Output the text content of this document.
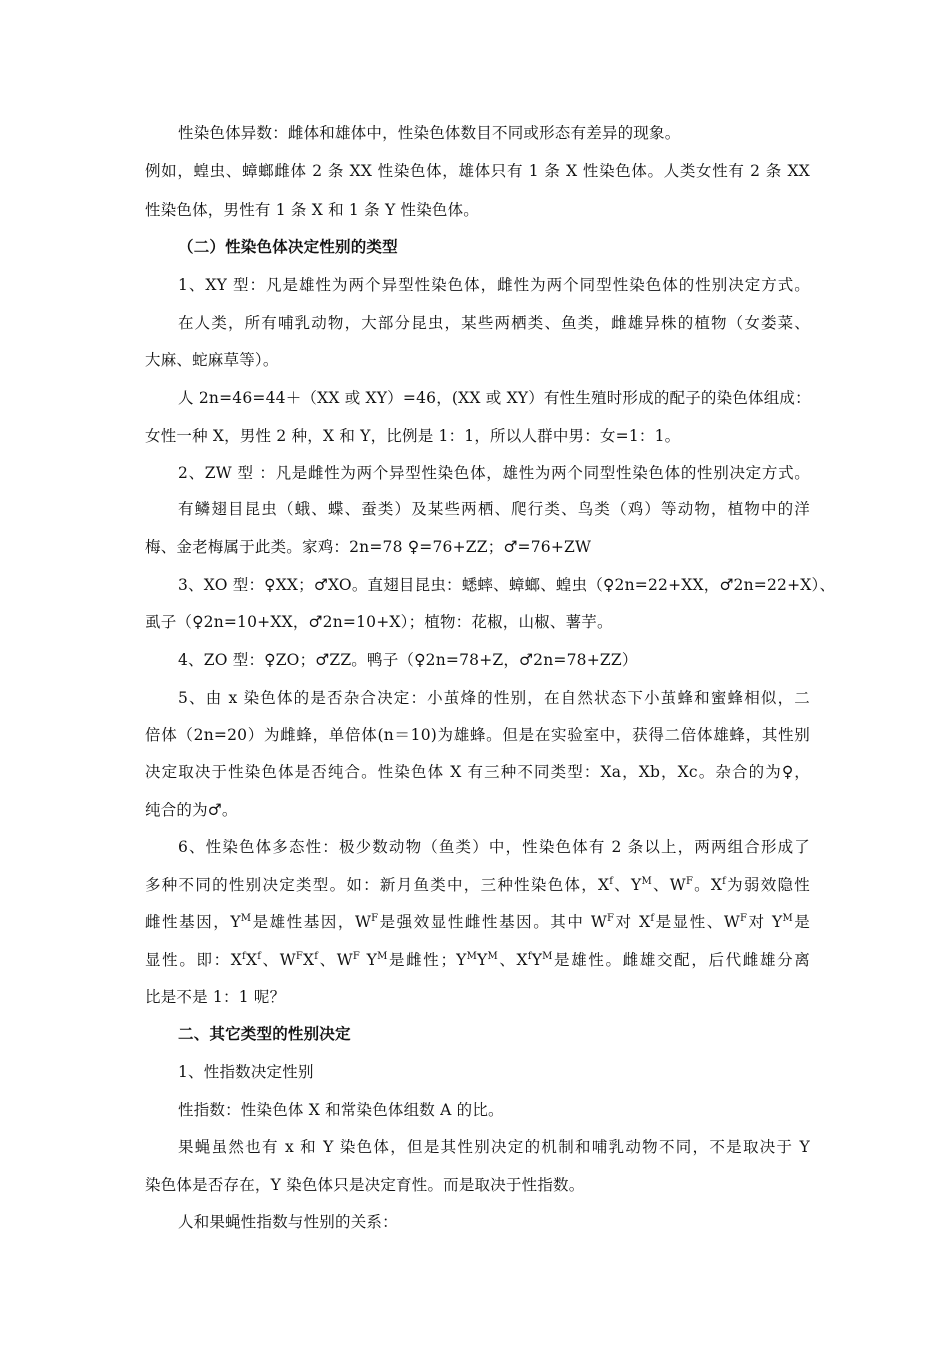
性染色体异数：雌体和雄体中，性染色体数目不同或形态有差异的现象。
例如，蝗虫、蟑螂雌体 2 条 XX 性染色体，雄体只有 1 条 X 性染色体。人类女性有 2 条 XX
性染色体，男性有 1 条 X 和 1 条 Y 性染色体。
（二）性染色体决定性别的类型
1、XY 型：凡是雄性为两个异型性染色体，雌性为两个同型性染色体的性别决定方式。
在人类，所有哺乳动物，大部分昆虫，某些两栖类、鱼类，雌雄异株的植物（女娄菜、
大麻、蛇麻草等）。
人 2n=46=44＋（XX 或 XY）=46，(XX 或 XY）有性生殖时形成的配子的染色体组成：
女性一种 X，男性 2 种，X 和 Y，比例是 1：1，所以人群中男：女=1：1。
2、ZW 型 ：凡是雌性为两个异型性染色体，雄性为两个同型性染色体的性别决定方式。
有鳞翅目昆虫（蛾、蝶、蚕类）及某些两栖、爬行类、鸟类（鸡）等动物，植物中的洋
梅、金老梅属于此类。家鸡：2n=78 ♀=76+ZZ；♂=76+ZW
3、XO 型：♀XX；♂XO。直翅目昆虫：蟋蟀、蟑螂、蝗虫（♀2n=22+XX，♂2n=22+X）、
虱子（♀2n=10+XX，♂2n=10+X）；植物：花椒，山椒、薯芋。
4、ZO 型：♀ZO；♂ZZ。鸭子（♀2n=78+Z，♂2n=78+ZZ）
5、由 x 染色体的是否杂合决定：小茧烽的性别，在自然状态下小茧蜂和蜜蜂相似，二
倍体（2n=20）为雌蜂，单倍体(n＝10)为雄蜂。但是在实验室中，获得二倍体雄蜂，其性别
决定取决于性染色体是否纯合。性染色体 X 有三种不同类型：Xa，Xb，Xc。杂合的为♀，
纯合的为♂。
6、性染色体多态性：极少数动物（鱼类）中，性染色体有 2 条以上，两两组合形成了
多种不同的性别决定类型。如：新月鱼类中，三种性染色体，$X^f$、$Y^M$、$W^F$。$X^f$为弱效隐性
雌性基因，$Y^M$是雄性基因，$W^F$是强效显性雌性基因。其中 $W^F$对 $X^f$是显性、$W^F$对 $Y^M$是
显性。即：$X^fX^f$、$W^FX^f$、$W^F$ $Y^M$是雌性；$Y^MY^M$、$X^fY^M$是雄性。雌雄交配，后代雌雄分离
比是不是 1：1 呢？
二、其它类型的性别决定
1、性指数决定性别
性指数：性染色体 X 和常染色体组数 A 的比。
果蝇虽然也有 x 和 Y 染色体，但是其性别决定的机制和哺乳动物不同，不是取决于 Y
染色体是否存在，Y 染色体只是决定育性。而是取决于性指数。
人和果蝇性指数与性别的关系：
